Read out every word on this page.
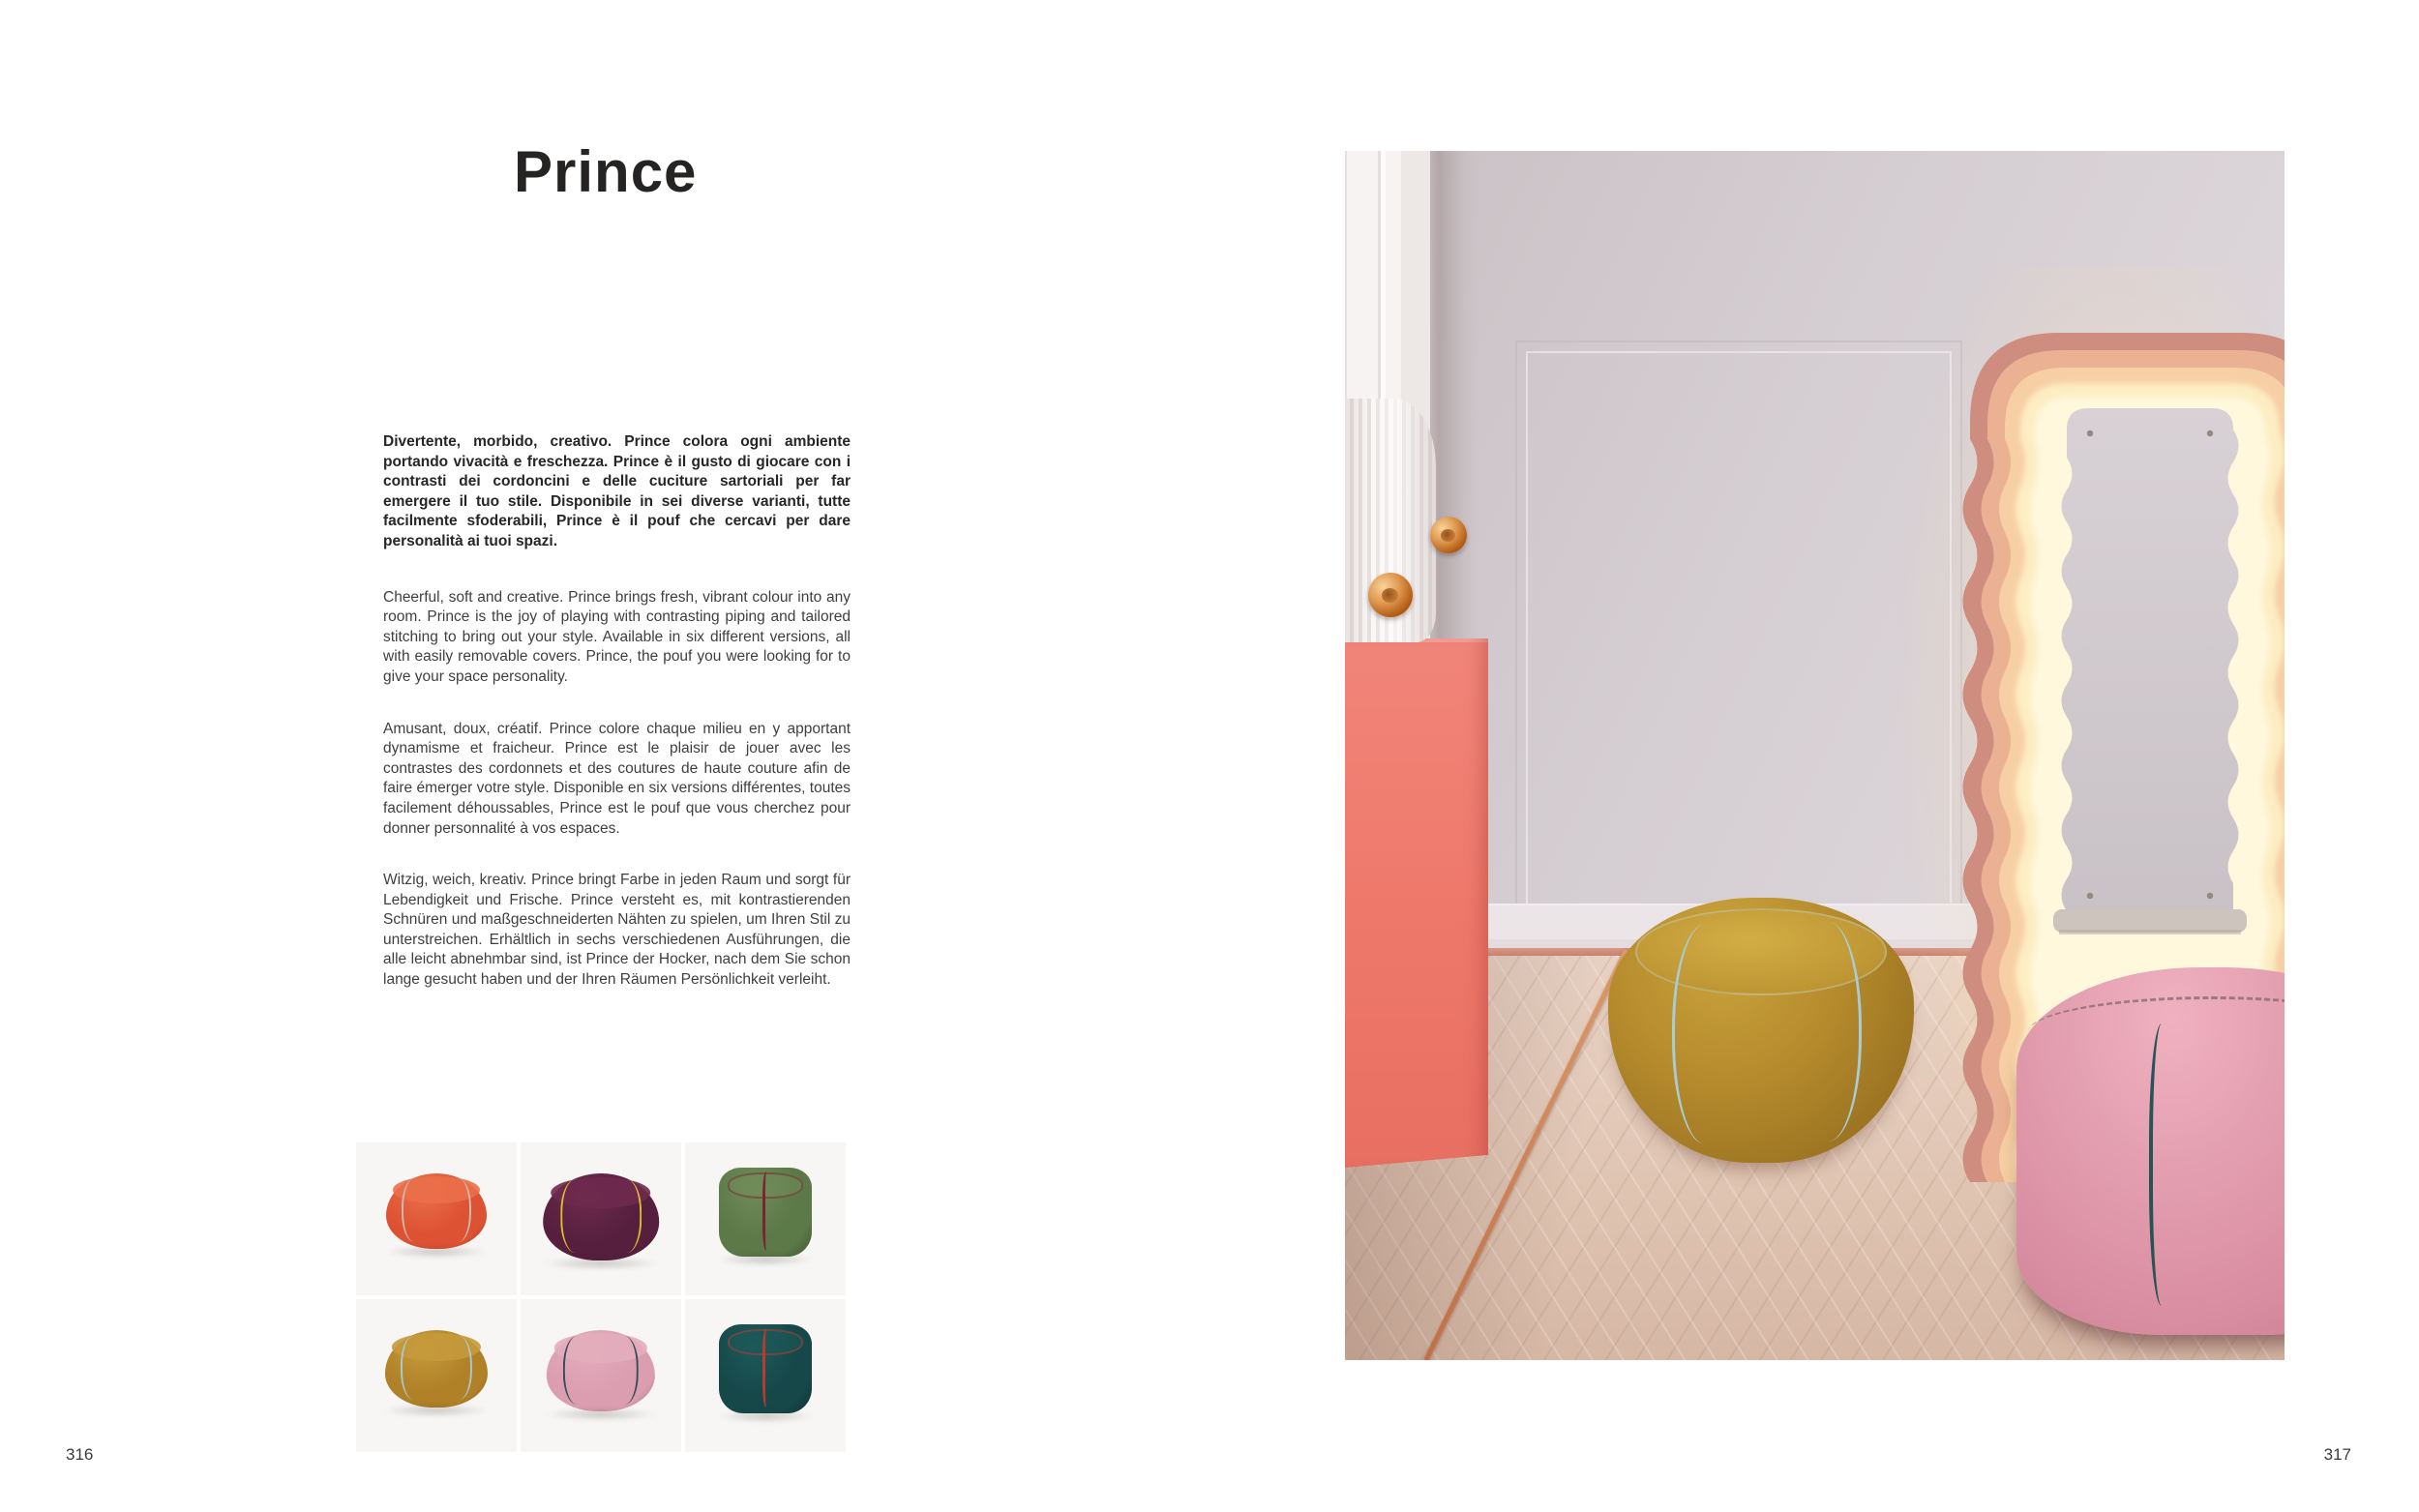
Prince

Divertente, morbido, creativo. Prince colora ogni ambiente portando vivacità e freschezza. Prince è il gusto di giocare con i contrasti dei cordoncini e delle cuciture sartoriali per far emergere il tuo stile. Disponibile in sei diverse varianti, tutte facilmente sfoderabili, Prince è il pouf che cercavi per dare personalità ai tuoi spazi.

Cheerful, soft and creative. Prince brings fresh, vibrant colour into any room. Prince is the joy of playing with contrasting piping and tailored stitching to bring out your style. Available in six different versions, all with easily removable covers. Prince, the pouf you were looking for to give your space personality.

Amusant, doux, créatif. Prince colore chaque milieu en y apportant dynamisme et fraicheur. Prince est le plaisir de jouer avec les contrastes des cordonnets et des coutures de haute couture afin de faire émerger votre style. Disponible en six versions différentes, toutes facilement déhoussables, Prince est le pouf que vous cherchez pour donner personnalité à vos espaces.

Witzig, weich, kreativ. Prince bringt Farbe in jeden Raum und sorgt für Lebendigkeit und Frische. Prince versteht es, mit kontrastierenden Schnüren und maßgeschneiderten Nähten zu spielen, um Ihren Stil zu unterstreichen. Erhältlich in sechs verschiedenen Ausführungen, die alle leicht abnehmbar sind, ist Prince der Hocker, nach dem Sie schon lange gesucht haben und der Ihren Räumen Persönlichkeit verleiht.

316	317
